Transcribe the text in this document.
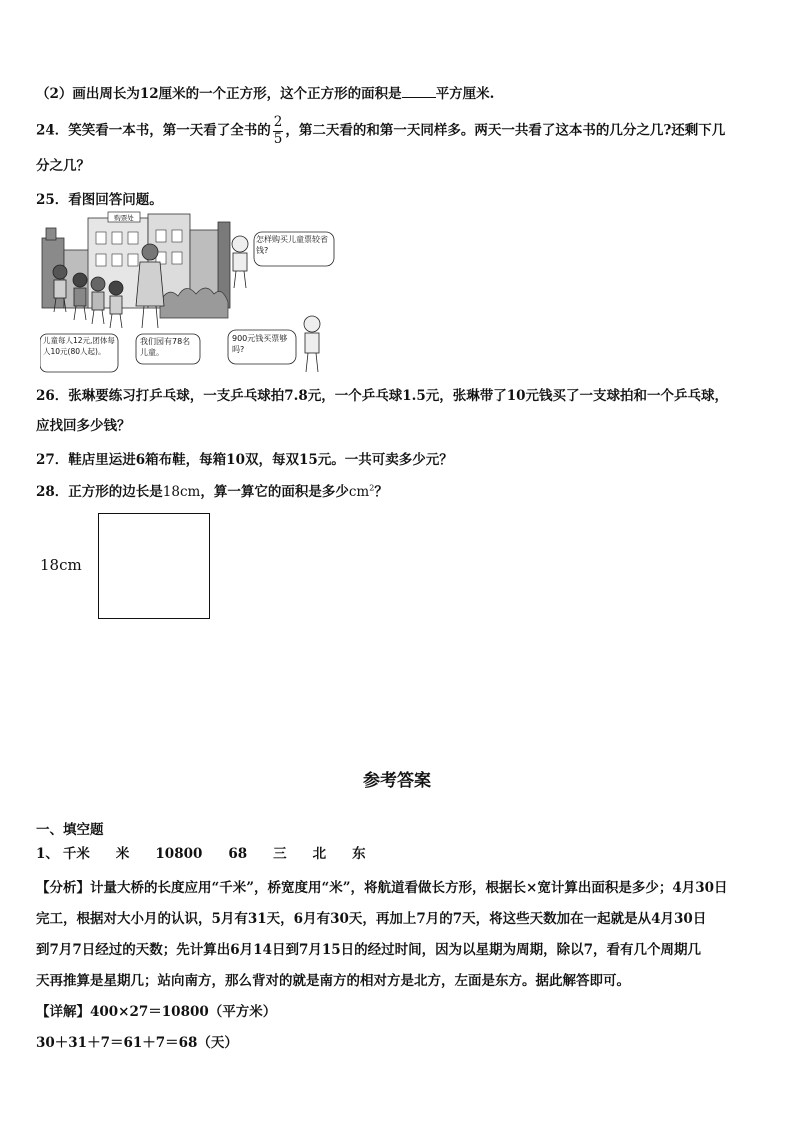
（2）画出周长为12厘米的一个正方形，这个正方形的面积是	平方厘米.
24．笑笑看一本书，第一天看了全书的 $\frac{2}{5}$ ，第二天看的和第一天同样多。两天一共看了这本书的几分之几?还剩下几
分之几？
25．看图回答问题。
购票处
怎样购买儿童票较省钱?
儿童每人12元,团体每人10元(80人起)。
我们园有78名儿童。
900元钱买票够吗?
26．张琳要练习打乒乓球，一支乒乓球拍7.8元，一个乒乓球1.5元，张琳带了10元钱买了一支球拍和一个乒乓球，
应找回多少钱？
27．鞋店里运进6箱布鞋，每箱10双，每双15元。一共可卖多少元？
28．正方形的边长是18cm，算一算它的面积是多少$cm^2$？
18cm
参考答案
一、填空题
1、 千米 米 10800 68 三 北 东
【分析】计量大桥的长度应用“千米”，桥宽度用“米”，将航道看做长方形，根据长×宽计算出面积是多少；4月30日
完工，根据对大小月的认识，5月有31天，6月有30天，再加上7月的7天，将这些天数加在一起就是从4月30日
到7月7日经过的天数；先计算出6月14日到7月15日的经过时间，因为以星期为周期，除以7，看有几个周期几
天再推算是星期几；站向南方，那么背对的就是南方的相对方是北方，左面是东方。据此解答即可。
【详解】400×27＝10800（平方米）
30＋31＋7＝61＋7＝68（天）
